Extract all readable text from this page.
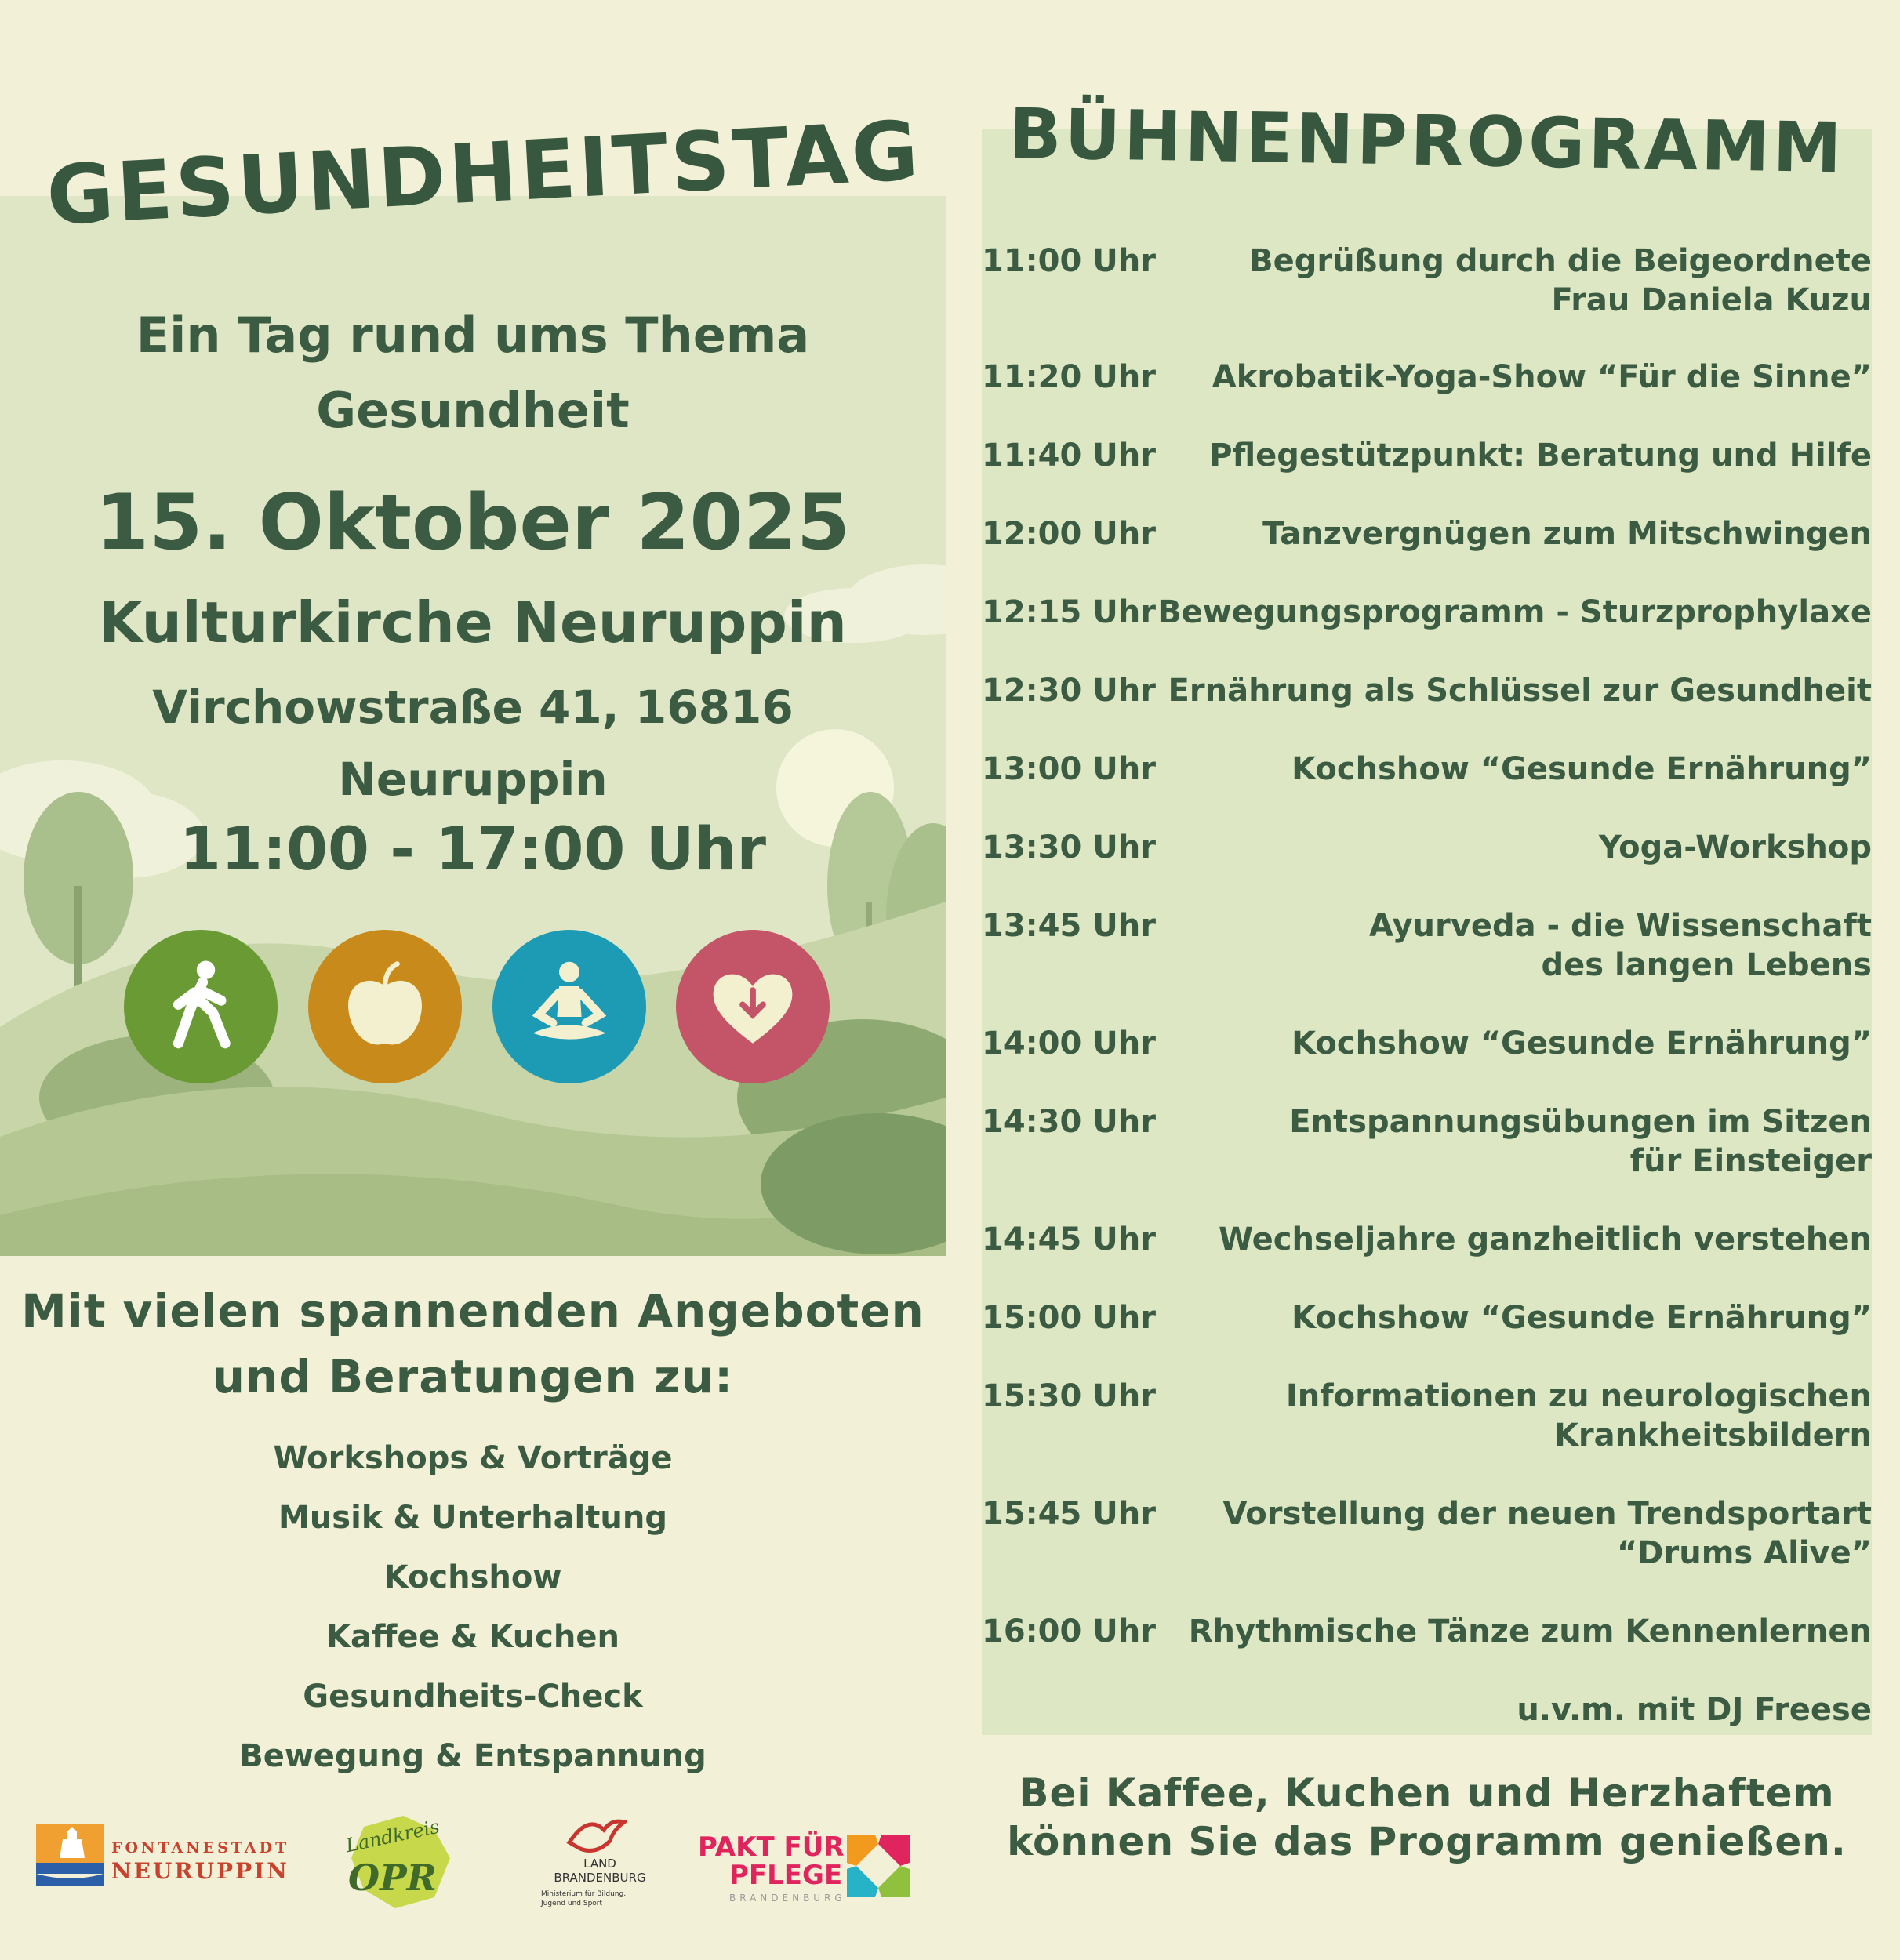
GESUNDHEITSTAG
Ein Tag rund ums Thema
Gesundheit
15. Oktober 2025
Kulturkirche Neuruppin
Virchowstraße 41, 16816
Neuruppin
11:00 - 17:00 Uhr
Mit vielen spannenden Angeboten
und Beratungen zu:
Workshops & Vorträge
Musik & Unterhaltung
Kochshow
Kaffee & Kuchen
Gesundheits-Check
Bewegung & Entspannung
FONTANESTADT
NEURUPPIN
Landkreis
OPR	LAND
BRANDENBURG
Ministerium für Bildung,
Jugend und Sport
PAKT FÜR
PFLEGE
BRANDENBURG
BÜHNENPROGRAMM
11:00 Uhr	Begrüßung durch die Beigeordnete
Frau Daniela Kuzu
11:20 Uhr Akrobatik-Yoga-Show “Für die Sinne”
11:40 Uhr Pflegestützpunkt: Beratung und Hilfe
12:00 Uhr	Tanzvergnügen zum Mitschwingen
12:15 Uhr Bewegungsprogramm - Sturzprophylaxe
12:30 Uhr Ernährung als Schlüssel zur Gesundheit
13:00 Uhr	Kochshow “Gesunde Ernährung”
13:30 Uhr	Yoga-Workshop
13:45 Uhr	Ayurveda - die Wissenschaft
des langen Lebens
14:00 Uhr	Kochshow “Gesunde Ernährung”
14:30 Uhr	Entspannungsübungen im Sitzen
für Einsteiger
14:45 Uhr Wechseljahre ganzheitlich verstehen
15:00 Uhr	Kochshow “Gesunde Ernährung”
15:30 Uhr	Informationen zu neurologischen
Krankheitsbildern
15:45 Uhr Vorstellung der neuen Trendsportart
“Drums Alive”
16:00 Uhr Rhythmische Tänze zum Kennenlernen
u.v.m. mit DJ Freese
Bei Kaffee, Kuchen und Herzhaftem
können Sie das Programm genießen.
